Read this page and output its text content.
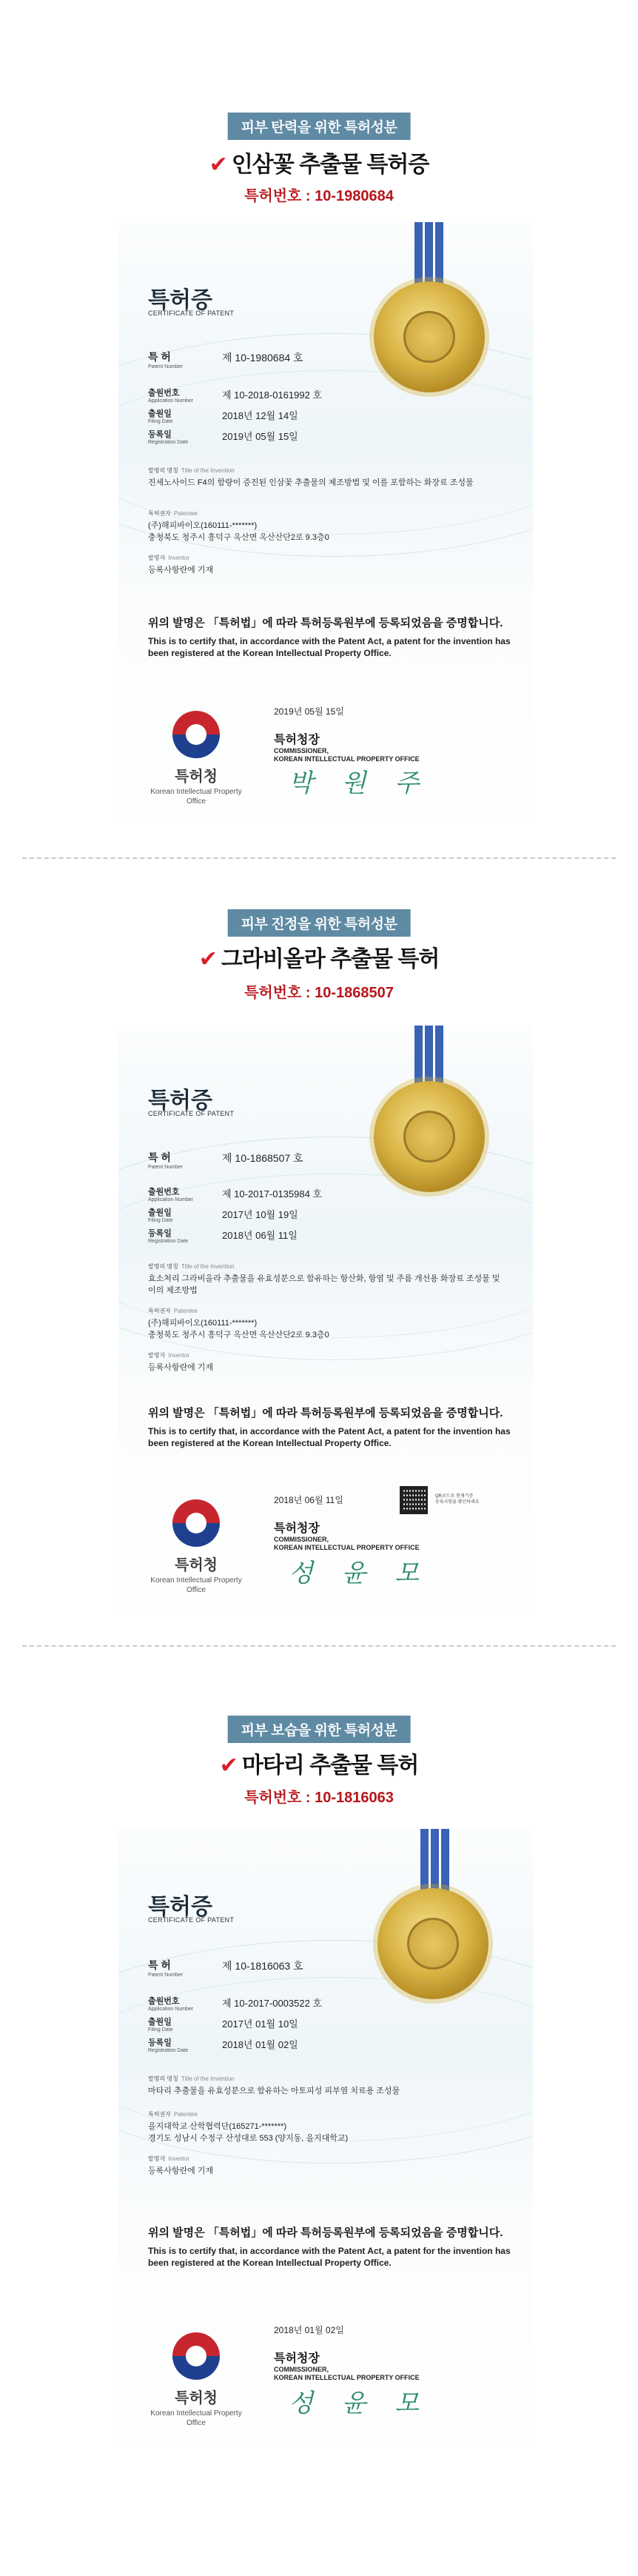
피부 탄력을 위한 특허성분
✔ 인삼꽃 추출물 특허증
특허번호 : 10-1980684
특허증
CERTIFICATE OF PATENT
특 허
Patent Number
제 10-1980684 호
출원번호
Application Number
제 10-2018-0161992 호
출원일
Filing Date
2018년 12월 14일
등록일
Registration Date
2019년 05월 15일
발명의 명칭 Title of the Invention
진세노사이드 F4의 함량이 증진된 인삼꽃 추출물의 제조방법 및 이를 포함하는 화장료 조성물
특허권자 Patentee
(주)해피바이오(160111-*******)
충청북도 청주시 흥덕구 옥산면 옥산산단2로 9.3층0
발명자 Inventor
등록사항란에 기재
위의 발명은 「특허법」에 따라 특허등록원부에 등록되었음을 증명합니다.
This is to certify that, in accordance with the Patent Act, a patent for the invention has been registered at the Korean Intellectual Property Office.
특허청
Korean Intellectual Property Office
2019년 05월 15일
특허청장
COMMISSIONER,
KOREAN INTELLECTUAL PROPERTY OFFICE
박 원 주
피부 진정을 위한 특허성분
✔ 그라비올라 추출물 특허
특허번호 : 10-1868507
특허증
CERTIFICATE OF PATENT
특 허
Patent Number
제 10-1868507 호
출원번호
Application Number
제 10-2017-0135984 호
출원일
Filing Date
2017년 10월 19일
등록일
Registration Date
2018년 06월 11일
발명의 명칭 Title of the Invention
효소처리 그라비올라 추출물을 유효성분으로 함유하는 항산화, 항염 및 주름 개선용 화장료 조성물 및 이의 제조방법
특허권자 Patentee
(주)해피바이오(160111-*******)
충청북도 청주시 흥덕구 옥산면 옥산산단2로 9.3층0
발명자 Inventor
등록사항란에 기재
위의 발명은 「특허법」에 따라 특허등록원부에 등록되었음을 증명합니다.
This is to certify that, in accordance with the Patent Act, a patent for the invention has been registered at the Korean Intellectual Property Office.
특허청
Korean Intellectual Property Office
2018년 06월 11일	QR코드로 현재기준
등록사항을 확인하세요
특허청장
COMMISSIONER,
KOREAN INTELLECTUAL PROPERTY OFFICE
성 윤 모
피부 보습을 위한 특허성분
✔ 마타리 추출물 특허
특허번호 : 10-1816063
특허증
CERTIFICATE OF PATENT
특 허
Patent Number
제 10-1816063 호
출원번호
Application Number
제 10-2017-0003522 호
출원일
Filing Date
2017년 01월 10일
등록일
Registration Date
2018년 01월 02일
발명의 명칭 Title of the Invention
마타리 추출물을 유효성분으로 함유하는 아토피성 피부염 치료용 조성물
특허권자 Patentee
을지대학교 산학협력단(165271-*******)
경기도 성남시 수정구 산성대로 553 (양지동, 을지대학교)
발명자 Inventor
등록사항란에 기재
위의 발명은 「특허법」에 따라 특허등록원부에 등록되었음을 증명합니다.
This is to certify that, in accordance with the Patent Act, a patent for the invention has been registered at the Korean Intellectual Property Office.
특허청
Korean Intellectual Property Office
2018년 01월 02일
특허청장
COMMISSIONER,
KOREAN INTELLECTUAL PROPERTY OFFICE
성 윤 모
